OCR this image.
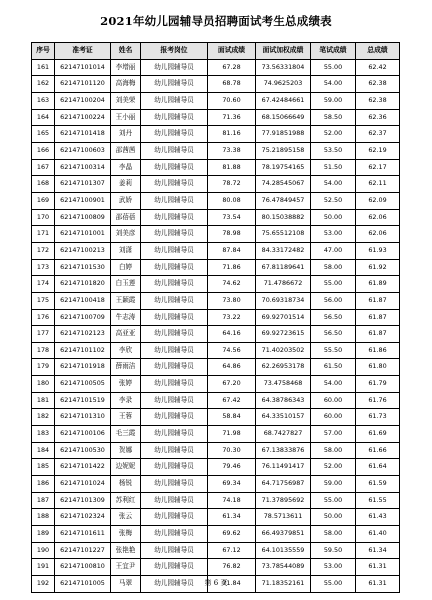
2021年幼儿园辅导员招聘面试考生总成绩表
序号	准考证	姓名	报考岗位	面试成绩	面试加权成绩	笔试成绩	总成绩
161	62147101014	李增丽	幼儿园辅导员	67.28	73.56331804	55.00	62.42
162	62147101120	高海梅	幼儿园辅导员	68.78	74.9625203	54.00	62.38
163	62147100204	刘美荣	幼儿园辅导员	70.60	67.42484661	59.00	62.38
164	62147100224	王小丽	幼儿园辅导员	71.36	68.15066649	58.50	62.36
165	62147101418	刘丹	幼儿园辅导员	81.16	77.91851988	52.00	62.37
166	62147100603	邵茜茜	幼儿园辅导员	73.38	75.21895158	53.50	62.19
167	62147100314	李晶	幼儿园辅导员	81.88	78.19754165	51.50	62.17
168	62147101307	姜莉	幼儿园辅导员	78.72	74.28545067	54.00	62.11
169	62147100901	武娇	幼儿园辅导员	80.08	76.47849457	52.50	62.09
170	62147100809	邵蓓蓓	幼儿园辅导员	73.54	80.15038882	50.00	62.06
171	62147101001	刘美彦	幼儿园辅导员	78.98	75.65512108	53.00	62.06
172	62147100213	刘潇	幼儿园辅导员	87.84	84.33172482	47.00	61.93
173	62147101530	白婷	幼儿园辅导员	71.86	67.81189641	58.00	61.92
174	62147101820	白玉莲	幼儿园辅导员	74.62	71.4786672	55.00	61.89
175	62147100418	王颖霞	幼儿园辅导员	73.80	70.69318734	56.00	61.87
176	62147100709	牛志涛	幼儿园辅导员	73.22	69.92701514	56.50	61.87
177	62147102123	高亚亚	幼儿园辅导员	64.16	69.92723615	56.50	61.87
178	62147101102	李欣	幼儿园辅导员	74.56	71.40203502	55.50	61.86
179	62147101918	薛雨洁	幼儿园辅导员	64.86	62.26953178	61.50	61.80
180	62147100505	张婷	幼儿园辅导员	67.20	73.4758468	54.00	61.79
181	62147101519	李录	幼儿园辅导员	67.42	64.38786343	60.00	61.76
182	62147101310	王蓉	幼儿园辅导员	58.84	64.33510157	60.00	61.73
183	62147100106	毛三霞	幼儿园辅导员	71.98	68.7427827	57.00	61.69
184	62147100530	贺娜	幼儿园辅导员	70.30	67.13833876	58.00	61.66
185	62147101422	边妮妮	幼儿园辅导员	79.46	76.11491417	52.00	61.64
186	62147101024	杨锐	幼儿园辅导员	69.34	64.71756987	59.00	61.59
187	62147101309	苏利红	幼儿园辅导员	74.18	71.37895692	55.00	61.55
188	62147102324	张云	幼儿园辅导员	61.34	78.5713611	50.00	61.43
189	62147101611	张梅	幼儿园辅导员	69.62	66.49379851	58.00	61.40
190	62147101227	张艳艳	幼儿园辅导员	67.12	64.10135559	59.50	61.34
191	62147100810	王宜尹	幼儿园辅导员	76.82	73.78544089	53.00	61.31
192	62147101005	马翠	幼儿园辅导员	71.84	71.18352161	55.00	61.31
第 6 页
